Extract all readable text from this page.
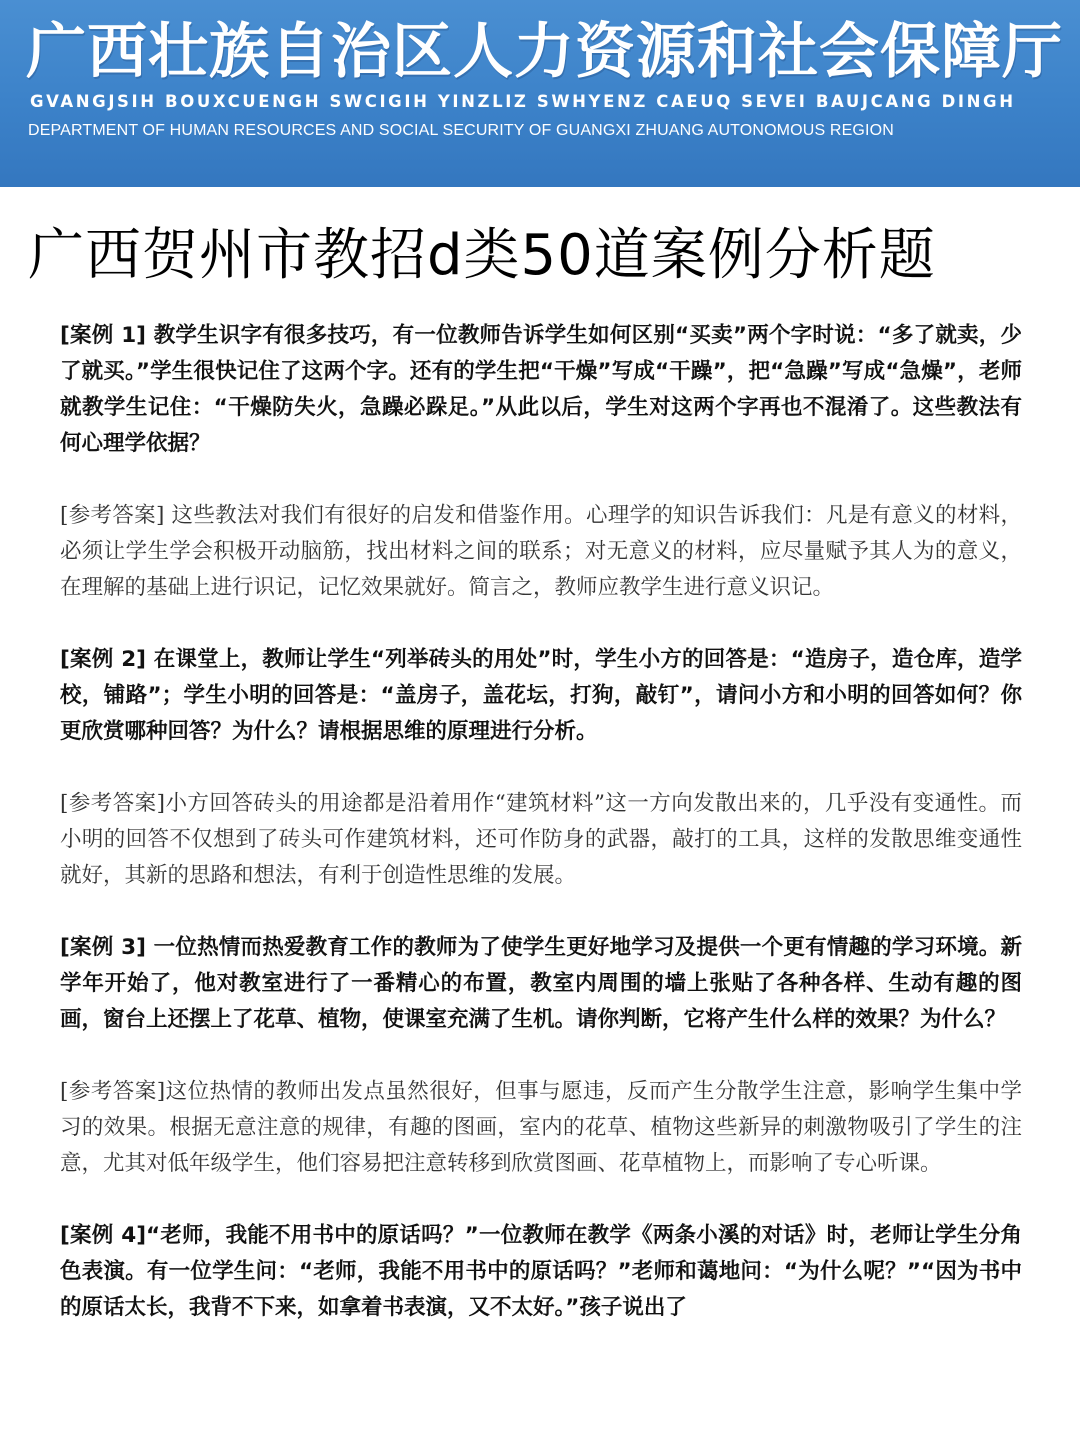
广西壮族自治区人力资源和社会保障厅
GVANGJSIH BOUXCUENGH SWCIGIH YINZLIZ SWHYENZ CAEUQ SEVEI BAUJCANG DINGH
DEPARTMENT OF HUMAN RESOURCES AND SOCIAL SECURITY OF GUANGXI ZHUANG AUTONOMOUS REGION
广西贺州市教招d类50道案例分析题

[案例 1] 教学生识字有很多技巧，有一位教师告诉学生如何区别“买卖”两个字时说：“多了就卖，少了就买。”学生很快记住了这两个字。还有的学生把“干燥”写成“干躁”，把“急躁”写成“急燥”，老师就教学生记住：“干燥防失火，急躁必跺足。”从此以后，学生对这两个字再也不混淆了。这些教法有何心理学依据？

[参考答案] 这些教法对我们有很好的启发和借鉴作用。心理学的知识告诉我们：凡是有意义的材料，必须让学生学会积极开动脑筋，找出材料之间的联系；对无意义的材料，应尽量赋予其人为的意义，在理解的基础上进行识记，记忆效果就好。简言之，教师应教学生进行意义识记。

[案例 2] 在课堂上，教师让学生“列举砖头的用处”时，学生小方的回答是：“造房子，造仓库，造学校，铺路”；学生小明的回答是：“盖房子，盖花坛，打狗，敲钉”，请问小方和小明的回答如何？你更欣赏哪种回答？为什么？请根据思维的原理进行分析。

[参考答案]小方回答砖头的用途都是沿着用作“建筑材料”这一方向发散出来的，几乎没有变通性。而小明的回答不仅想到了砖头可作建筑材料，还可作防身的武器，敲打的工具，这样的发散思维变通性就好，其新的思路和想法，有利于创造性思维的发展。

[案例 3] 一位热情而热爱教育工作的教师为了使学生更好地学习及提供一个更有情趣的学习环境。新学年开始了，他对教室进行了一番精心的布置，教室内周围的墙上张贴了各种各样、生动有趣的图画，窗台上还摆上了花草、植物，使课室充满了生机。请你判断，它将产生什么样的效果？为什么？

[参考答案]这位热情的教师出发点虽然很好，但事与愿违，反而产生分散学生注意，影响学生集中学习的效果。根据无意注意的规律，有趣的图画，室内的花草、植物这些新异的刺激物吸引了学生的注意，尤其对低年级学生，他们容易把注意转移到欣赏图画、花草植物上，而影响了专心听课。

[案例 4]“老师，我能不用书中的原话吗？”一位教师在教学《两条小溪的对话》时，老师让学生分角色表演。有一位学生问：“老师，我能不用书中的原话吗？”老师和蔼地问：“为什么呢？”“因为书中的原话太长，我背不下来，如拿着书表演，又不太好。”孩子说出了
